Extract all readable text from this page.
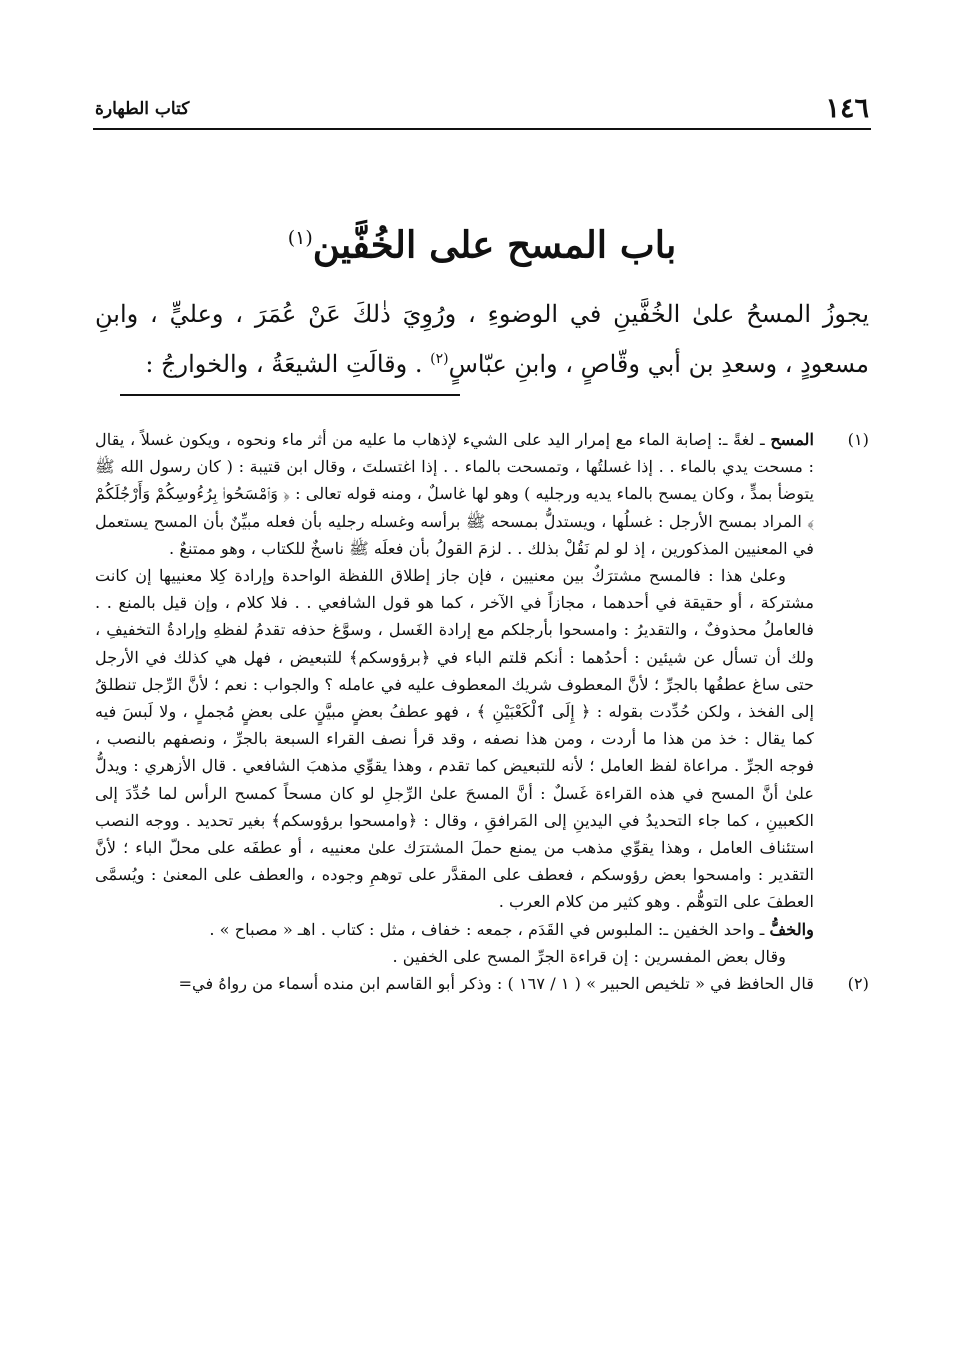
١٤٦
كتاب الطهارة
باب المسح على الخُفَّين$^{(١)}$

يجوزُ المسحُ علىٰ الخُفَّينِ في الوضوءِ ، ورُوِيَ ذٰلكَ عَنْ عُمَرَ ، وعليٍّ ، وابنِ مسعودٍ ، وسعدِ بن أبي وقّاصٍ ، وابنِ عبّاسٍ$^{(٢)}$ . وقالَتِ الشيعَةُ ، والخوارجُ :

(١)

المسح ـ لغةً ـ: إصابة الماء مع إمرار اليد على الشيء لإذهاب ما عليه من أثر ماء ونحوه ، ويكون غسلاً ، يقال : مسحت يدي بالماء . . إذا غسلتُها ، وتمسحت بالماء . . إذا اغتسلتَ ، وقال ابن قتيبة : ( كان رسول الله ﷺ يتوضأ بمدٍّ ، وكان يمسح بالماء يديه ورجليه ) وهو لها غاسلٌ ، ومنه قوله تعالى : ﴿ وَٱمْسَحُوا۟ بِرُءُوسِكُمْ وَأَرْجُلَكُمْ ﴾ المراد بمسح الأرجل : غسلُها ، ويستدلُّ بمسحه ﷺ برأسه وغسله رجليه بأن فعله مبيِّنٌ بأن المسح يستعمل في المعنيين المذكورين ، إذ لو لم نَقُلْ بذلك . . لزمَ القولُ بأن فعلَه ﷺ ناسخٌ للكتاب ، وهو ممتنعٌ .

وعلىٰ هذا : فالمسح مشترَكٌ بين معنيين ، فإن جاز إطلاق اللفظة الواحدة وإرادة كِلا معنييها إن كانت مشتركة ، أو حقيقة في أحدهما ، مجازاً في الآخر ، كما هو قول الشافعي . . فلا كلام ، وإن قيل بالمنع . . فالعاملُ محذوفٌ ، والتقديرُ : وامسحوا بأرجلكم مع إرادة الغَسل ، وسوَّغ حذفه تقدمُ لفظهِ وإرادةُ التخفيفِ ، ولك أن تسأل عن شيئين : أحدُهما : أنكم قلتم الباء في ﴿برؤوسكم﴾ للتبعيض ، فهل هي كذلك في الأرجل حتى ساغ عطفُها بالجرِّ ؛ لأنَّ المعطوف شريك المعطوف عليه في عامله ؟ والجواب : نعم ؛ لأنَّ الرِّجل تنطلقُ إلى الفخذ ، ولكن حُدِّدت بقوله : ﴿ إِلَى ٱلْكَعْبَيْنِ ﴾ ، فهو عطفُ بعضٍ مبيَّنٍ على بعضٍ مُجملٍ ، ولا لَبسَ فيه كما يقال : خذ من هذا ما أردت ، ومن هذا نصفه ، وقد قرأ نصف القراء السبعة بالجرِّ ، ونصفهم بالنصب ، فوجه الجرِّ . مراعاة لفظ العامل ؛ لأنه للتبعيض كما تقدم ، وهذا يقوِّي مذهبَ الشافعي . قال الأزهري : ويدلُّ علىٰ أنَّ المسح في هذه القراءة غَسلٌ : أنَّ المسحَ علىٰ الرِّجلِ لو كان مسحاً كمسح الرأس لما حُدِّدَ إلى الكعبينِ ، كما جاء التحديدُ في اليدينِ إلى المَرافقِ ، وقال : ﴿وامسحوا برؤوسكم﴾ بغير تحديد . ووجه النصب استئناف العامل ، وهذا يقوِّي مذهب من يمنع حملَ المشترَك علىٰ معنييه ، أو عطفَه على محلّ الباء ؛ لأنَّ التقدير : وامسحوا بعض رؤوسكم ، فعطف على المقدَّر على توهمِ وجوده ، والعطف على المعنىٰ : ويُسمَّى العطفَ على التوهُّم . وهو كثير من كلام العرب .

والخفُّ ـ واحد الخفين ـ: الملبوس في القَدَم ، جمعه : خفاف ، مثل : كتاب . اهـ « مصباح » .

وقال بعض المفسرين : إن قراءة الجرِّ المسح على الخفين .

(٢)

قال الحافظ في « تلخيص الحبير » ( ١ / ١٦٧ ) : وذكر أبو القاسم ابن منده أسماء من رواهُ في=
